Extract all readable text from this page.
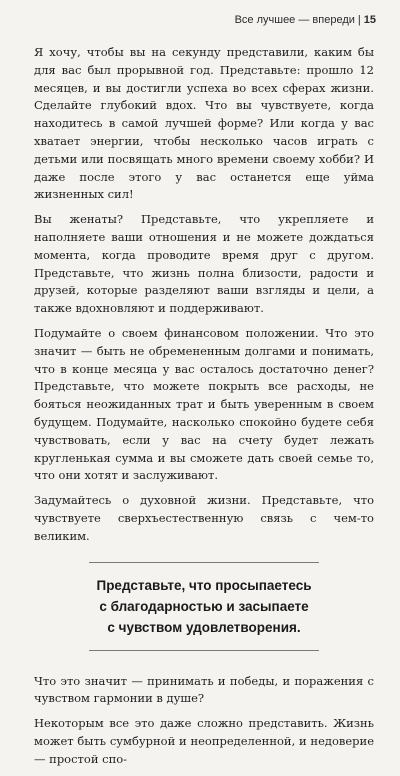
Все лучшее — впереди | 15

Я хочу, чтобы вы на секунду представили, каким бы для вас был прорывной год. Представьте: прошло 12 месяцев, и вы достигли успеха во всех сферах жизни. Сделайте глубокий вдох. Что вы чувствуете, когда находитесь в самой лучшей форме? Или когда у вас хватает энергии, чтобы несколько часов играть с детьми или посвящать много времени своему хобби? И даже после этого у вас останется еще уйма жизненных сил!

Вы женаты? Представьте, что укрепляете и наполняете ваши отношения и не можете дождаться момента, когда проводите время друг с другом. Представьте, что жизнь полна близости, радости и друзей, которые разделяют ваши взгляды и цели, а также вдохновляют и поддерживают.

Подумайте о своем финансовом положении. Что это значит — быть не обремененным долгами и понимать, что в конце месяца у вас осталось достаточно денег? Представьте, что можете покрыть все расходы, не бояться неожиданных трат и быть уверенным в своем будущем. Подумайте, насколько спокойно будете себя чувствовать, если у вас на счету будет лежать кругленькая сумма и вы сможете дать своей семье то, что они хотят и заслуживают.

Задумайтесь о духовной жизни. Представьте, что чувствуете сверхъестественную связь с чем-то великим.

Представьте, что просыпаетесь
с благодарностью и засыпаете
с чувством удовлетворения.

Что это значит — принимать и победы, и поражения с чувством гармонии в душе?

Некоторым все это даже сложно представить. Жизнь может быть сумбурной и неопределенной, и недоверие — простой спо-
